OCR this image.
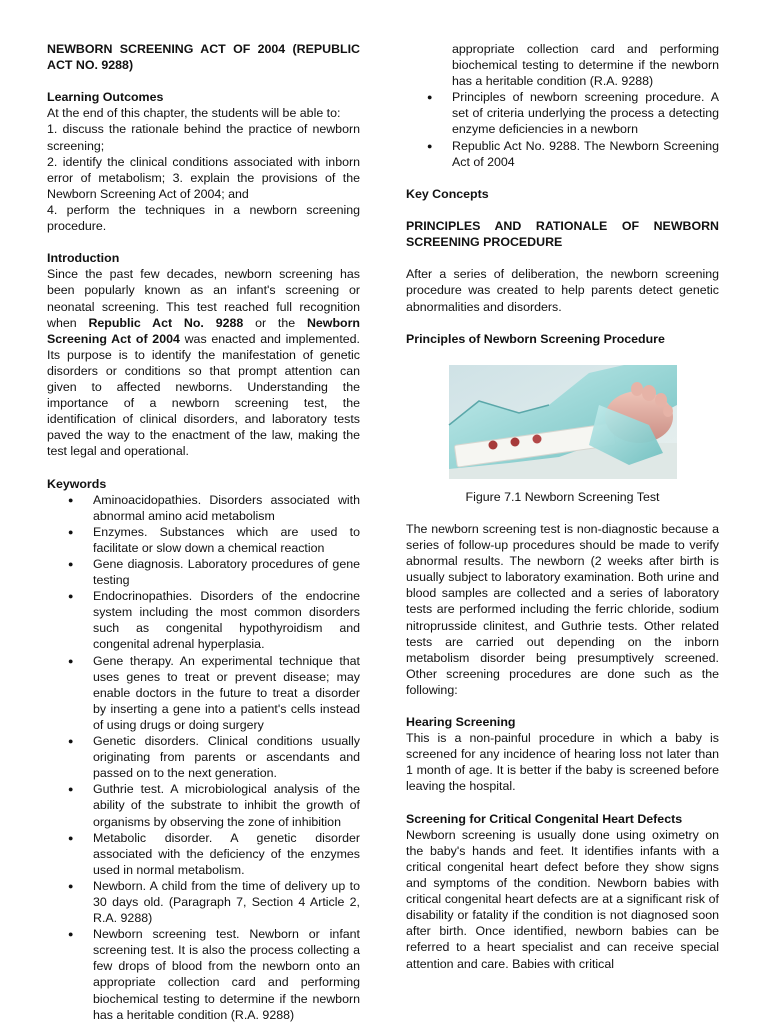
NEWBORN SCREENING ACT OF 2004 (REPUBLIC ACT NO. 9288)

Learning Outcomes

At the end of this chapter, the students will be able to:

1. discuss the rationale behind the practice of newborn screening;

2. identify the clinical conditions associated with inborn error of metabolism; 3. explain the provisions of the Newborn Screening Act of 2004; and

4. perform the techniques in a newborn screening procedure.

Introduction

Since the past few decades, newborn screening has been popularly known as an infant's screening or neonatal screening. This test reached full recognition when Republic Act No. 9288 or the Newborn Screening Act of 2004 was enacted and implemented. Its purpose is to identify the manifestation of genetic disorders or conditions so that prompt attention can given to affected newborns. Understanding the importance of a newborn screening test, the identification of clinical disorders, and laboratory tests paved the way to the enactment of the law, making the test legal and operational.

Keywords

● Aminoacidopathies. Disorders associated with abnormal amino acid metabolism
● Enzymes. Substances which are used to facilitate or slow down a chemical reaction
● Gene diagnosis. Laboratory procedures of gene testing
● Endocrinopathies. Disorders of the endocrine system including the most common disorders such as congenital hypothyroidism and congenital adrenal hyperplasia.
● Gene therapy. An experimental technique that uses genes to treat or prevent disease; may enable doctors in the future to treat a disorder by inserting a gene into a patient's cells instead of using drugs or doing surgery
● Genetic disorders. Clinical conditions usually originating from parents or ascendants and passed on to the next generation.
● Guthrie test. A microbiological analysis of the ability of the substrate to inhibit the growth of organisms by observing the zone of inhibition
● Metabolic disorder. A genetic disorder associated with the deficiency of the enzymes used in normal metabolism.
● Newborn. A child from the time of delivery up to 30 days old. (Paragraph 7, Section 4 Article 2, R.A. 9288)
● Newborn screening test. Newborn or infant screening test. It is also the process collecting a few drops of blood from the newborn onto an appropriate collection card and performing biochemical testing to determine if the newborn has a heritable condition (R.A. 9288)

appropriate collection card and performing biochemical testing to determine if the newborn has a heritable condition (R.A. 9288)

● Principles of newborn screening procedure. A set of criteria underlying the process a detecting enzyme deficiencies in a newborn
● Republic Act No. 9288. The Newborn Screening Act of 2004

Key Concepts

PRINCIPLES AND RATIONALE OF NEWBORN SCREENING PROCEDURE

After a series of deliberation, the newborn screening procedure was created to help parents detect genetic abnormalities and disorders.

Principles of Newborn Screening Procedure

Figure 7.1 Newborn Screening Test

The newborn screening test is non-diagnostic because a series of follow-up procedures should be made to verify abnormal results. The newborn (2 weeks after birth is usually subject to laboratory examination. Both urine and blood samples are collected and a series of laboratory tests are performed including the ferric chloride, sodium nitroprusside clinitest, and Guthrie tests. Other related tests are carried out depending on the inborn metabolism disorder being presumptively screened. Other screening procedures are done such as the following:

Hearing Screening

This is a non-painful procedure in which a baby is screened for any incidence of hearing loss not later than 1 month of age. It is better if the baby is screened before leaving the hospital.

Screening for Critical Congenital Heart Defects

Newborn screening is usually done using oximetry on the baby's hands and feet. It identifies infants with a critical congenital heart defect before they show signs and symptoms of the condition. Newborn babies with critical congenital heart defects are at a significant risk of disability or fatality if the condition is not diagnosed soon after birth. Once identified, newborn babies can be referred to a heart specialist and can receive special attention and care. Babies with critical
